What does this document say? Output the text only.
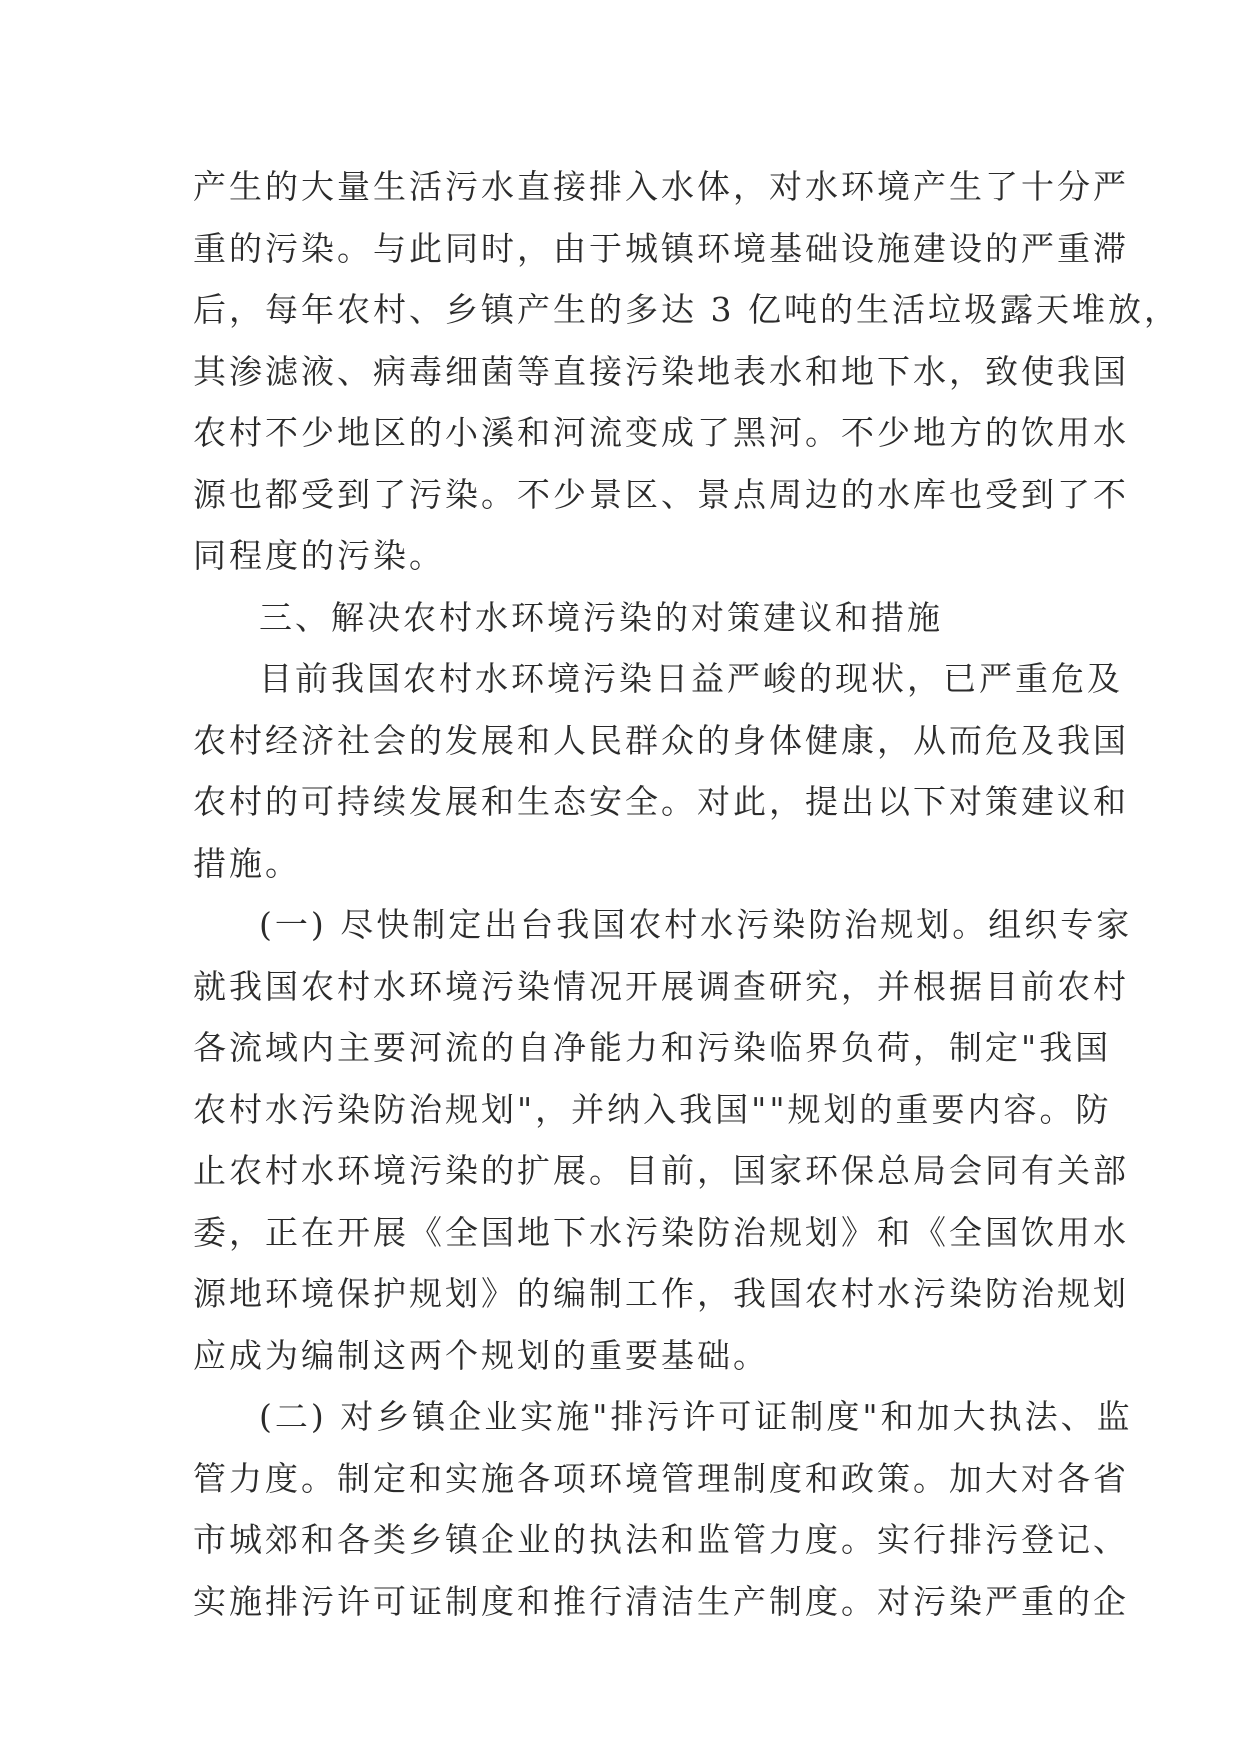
产生的大量生活污水直接排入水体，对水环境产生了十分严
重的污染。与此同时，由于城镇环境基础设施建设的严重滞
后，每年农村、乡镇产生的多达 3 亿吨的生活垃圾露天堆放，
其渗滤液、病毒细菌等直接污染地表水和地下水，致使我国
农村不少地区的小溪和河流变成了黑河。不少地方的饮用水
源也都受到了污染。不少景区、景点周边的水库也受到了不
同程度的污染。
三、解决农村水环境污染的对策建议和措施
目前我国农村水环境污染日益严峻的现状，已严重危及
农村经济社会的发展和人民群众的身体健康，从而危及我国
农村的可持续发展和生态安全。对此，提出以下对策建议和
措施。
(一) 尽快制定出台我国农村水污染防治规划。组织专家
就我国农村水环境污染情况开展调查研究，并根据目前农村
各流域内主要河流的自净能力和污染临界负荷，制定"我国
农村水污染防治规划"，并纳入我国""规划的重要内容。防
止农村水环境污染的扩展。目前，国家环保总局会同有关部
委，正在开展《全国地下水污染防治规划》和《全国饮用水
源地环境保护规划》的编制工作，我国农村水污染防治规划
应成为编制这两个规划的重要基础。
(二) 对乡镇企业实施"排污许可证制度"和加大执法、监
管力度。制定和实施各项环境管理制度和政策。加大对各省
市城郊和各类乡镇企业的执法和监管力度。实行排污登记、
实施排污许可证制度和推行清洁生产制度。对污染严重的企
